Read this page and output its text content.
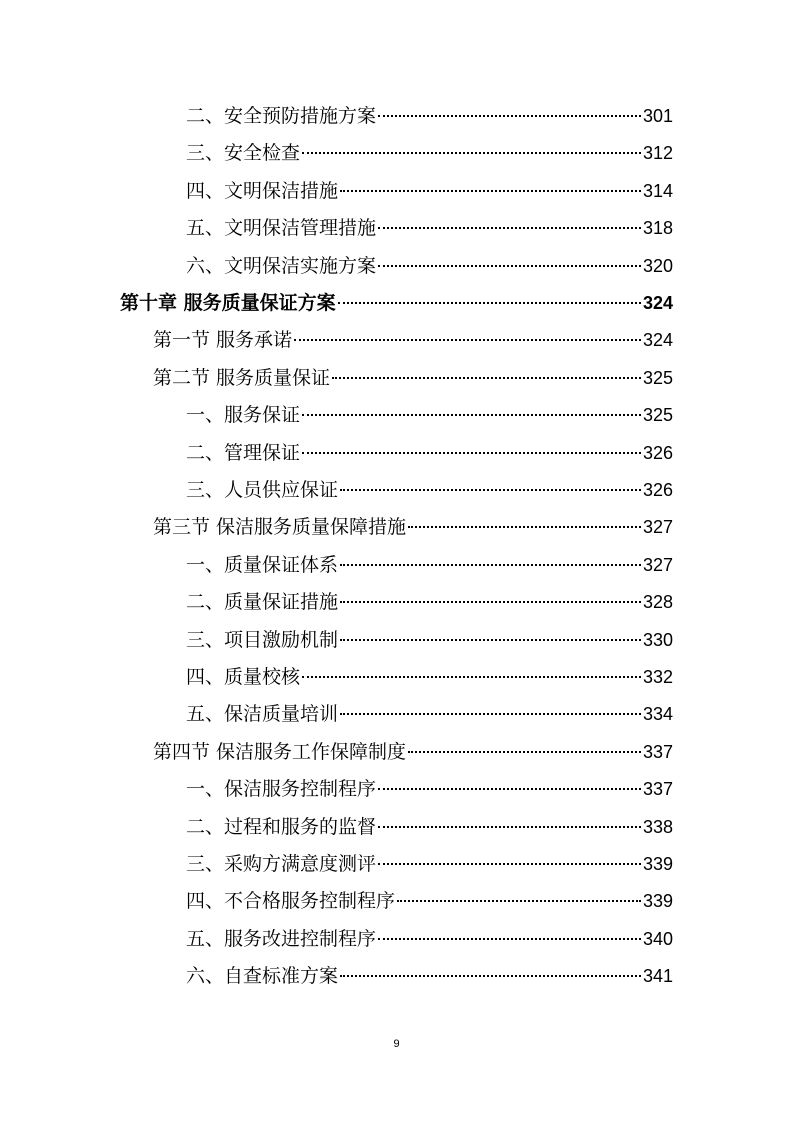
二、安全预防措施方案	301
三、安全检查	312
四、文明保洁措施	314
五、文明保洁管理措施	318
六、文明保洁实施方案	320
第十章 服务质量保证方案	324
第一节 服务承诺	324
第二节 服务质量保证	325
一、服务保证	325
二、管理保证	326
三、人员供应保证	326
第三节 保洁服务质量保障措施	327
一、质量保证体系	327
二、质量保证措施	328
三、项目激励机制	330
四、质量校核	332
五、保洁质量培训	334
第四节 保洁服务工作保障制度	337
一、保洁服务控制程序	337
二、过程和服务的监督	338
三、采购方满意度测评	339
四、不合格服务控制程序	339
五、服务改进控制程序	340
六、自查标准方案	341
9
